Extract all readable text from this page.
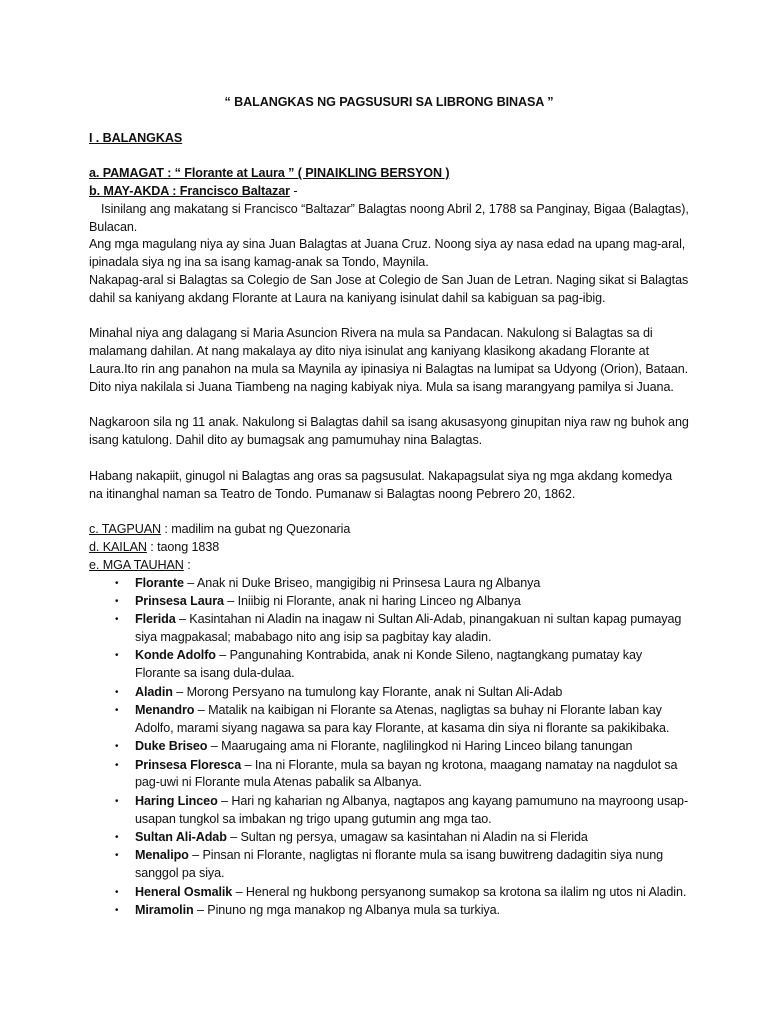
“ BALANGKAS NG PAGSUSURI SA LIBRONG BINASA ”

I . BALANGKAS

a. PAMAGAT : “ Florante at Laura ” ( PINAIKLING BERSYON )

b. MAY-AKDA : Francisco Baltazar -

Isinilang ang makatang si Francisco “Baltazar” Balagtas noong Abril 2, 1788 sa Panginay, Bigaa (Balagtas), Bulacan.

Ang mga magulang niya ay sina Juan Balagtas at Juana Cruz. Noong siya ay nasa edad na upang mag-aral, ipinadala siya ng ina sa isang kamag-anak sa Tondo, Maynila.

Nakapag-aral si Balagtas sa Colegio de San Jose at Colegio de San Juan de Letran. Naging sikat si Balagtas dahil sa kaniyang akdang Florante at Laura na kaniyang isinulat dahil sa kabiguan sa pag-ibig.

Minahal niya ang dalagang si Maria Asuncion Rivera na mula sa Pandacan. Nakulong si Balagtas sa di malamang dahilan. At nang makalaya ay dito niya isinulat ang kaniyang klasikong akadang Florante at Laura.Ito rin ang panahon na mula sa Maynila ay ipinasiya ni Balagtas na lumipat sa Udyong (Orion), Bataan. Dito niya nakilala si Juana Tiambeng na naging kabiyak niya. Mula sa isang marangyang pamilya si Juana.

Nagkaroon sila ng 11 anak. Nakulong si Balagtas dahil sa isang akusasyong ginupitan niya raw ng buhok ang isang katulong. Dahil dito ay bumagsak ang pamumuhay nina Balagtas.

Habang nakapiit, ginugol ni Balagtas ang oras sa pagsusulat. Nakapagsulat siya ng mga akdang komedya na itinanghal naman sa Teatro de Tondo. Pumanaw si Balagtas noong Pebrero 20, 1862.

c. TAGPUAN : madilim na gubat ng Quezonaria

d. KAILAN : taong 1838

e. MGA TAUHAN :

• Florante – Anak ni Duke Briseo, mangigibig ni Prinsesa Laura ng Albanya
• Prinsesa Laura – Iniibig ni Florante, anak ni haring Linceo ng Albanya
• Flerida – Kasintahan ni Aladin na inagaw ni Sultan Ali-Adab, pinangakuan ni sultan kapag pumayag siya magpakasal; mababago nito ang isip sa pagbitay kay aladin.
• Konde Adolfo – Pangunahing Kontrabida, anak ni Konde Sileno, nagtangkang pumatay kay Florante sa isang dula-dulaa.
• Aladin – Morong Persyano na tumulong kay Florante, anak ni Sultan Ali-Adab
• Menandro – Matalik na kaibigan ni Florante sa Atenas, nagligtas sa buhay ni Florante laban kay Adolfo, marami siyang nagawa sa para kay Florante, at kasama din siya ni florante sa pakikibaka.
• Duke Briseo – Maarugaing ama ni Florante, naglilingkod ni Haring Linceo bilang tanungan
• Prinsesa Floresca – Ina ni Florante, mula sa bayan ng krotona, maagang namatay na nagdulot sa pag-uwi ni Florante mula Atenas pabalik sa Albanya.
• Haring Linceo – Hari ng kaharian ng Albanya, nagtapos ang kayang pamumuno na mayroong usap-usapan tungkol sa imbakan ng trigo upang gutumin ang mga tao.
• Sultan Ali-Adab – Sultan ng persya, umagaw sa kasintahan ni Aladin na si Flerida
• Menalipo – Pinsan ni Florante, nagligtas ni florante mula sa isang buwitreng dadagitin siya nung sanggol pa siya.
• Heneral Osmalik – Heneral ng hukbong persyanong sumakop sa krotona sa ilalim ng utos ni Aladin.
• Miramolin – Pinuno ng mga manakop ng Albanya mula sa turkiya.
